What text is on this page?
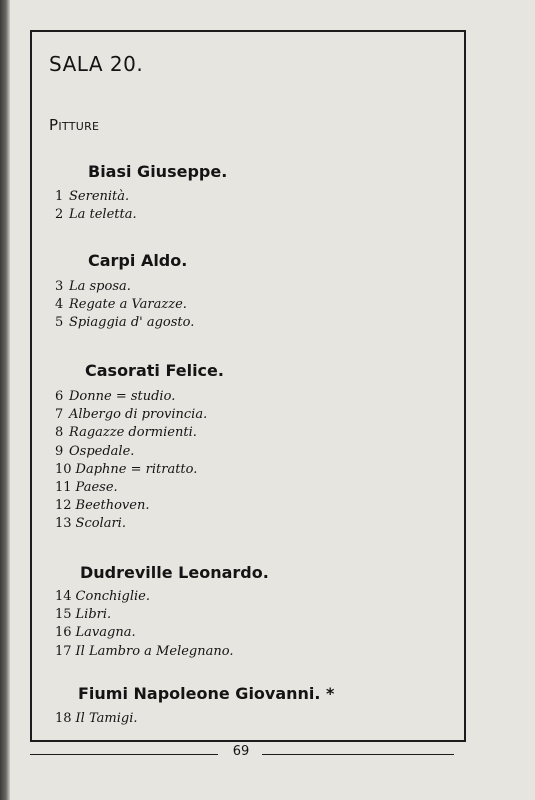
SALA 20.
Pitture
Biasi Giuseppe.
1 Serenità.
2 La teletta.
Carpi Aldo.
3 La sposa.
4 Regate a Varazze.
5 Spiaggia d' agosto.
Casorati Felice.
6 Donne = studio.
7 Albergo di provincia.
8 Ragazze dormienti.
9 Ospedale.
10 Daphne = ritratto.
11 Paese.
12 Beethoven.
13 Scolari.
Dudreville Leonardo.
14 Conchiglie.
15 Libri.
16 Lavagna.
17 Il Lambro a Melegnano.
Fiumi Napoleone Giovanni. *
18 Il Tamigi.
69
